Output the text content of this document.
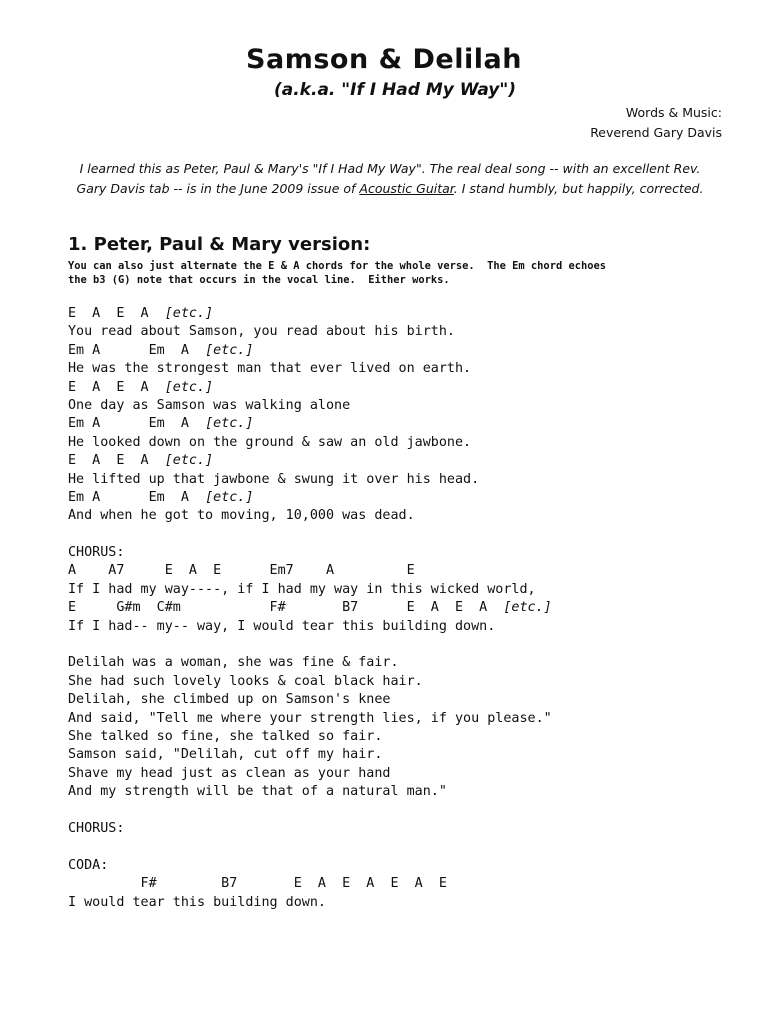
Samson & Delilah
(a.k.a. "If I Had My Way")
Words & Music:
Reverend Gary Davis
I learned this as Peter, Paul & Mary's "If I Had My Way". The real deal song -- with an excellent Rev. Gary Davis tab -- is in the June 2009 issue of Acoustic Guitar. I stand humbly, but happily, corrected.
1. Peter, Paul & Mary version:
You can also just alternate the E & A chords for the whole verse.  The Em chord echoes
the b3 (G) note that occurs in the vocal line.  Either works.
E  A  E  A  [etc.]
You read about Samson, you read about his birth.
Em A      Em  A  [etc.]
He was the strongest man that ever lived on earth.
E  A  E  A  [etc.]
One day as Samson was walking alone
Em A      Em  A  [etc.]
He looked down on the ground & saw an old jawbone.
E  A  E  A  [etc.]
He lifted up that jawbone & swung it over his head.
Em A      Em  A  [etc.]
And when he got to moving, 10,000 was dead.
CHORUS:
A    A7     E  A  E      Em7    A         E
If I had my way----, if I had my way in this wicked world,
E     G#m  C#m           F#       B7      E  A  E  A  [etc.]
If I had-- my-- way, I would tear this building down.
Delilah was a woman, she was fine & fair.
She had such lovely looks & coal black hair.
Delilah, she climbed up on Samson's knee
And said, "Tell me where your strength lies, if you please."
She talked so fine, she talked so fair.
Samson said, "Delilah, cut off my hair.
Shave my head just as clean as your hand
And my strength will be that of a natural man."
CHORUS:
CODA:
F#        B7       E  A  E  A  E  A  E
I would tear this building down.
